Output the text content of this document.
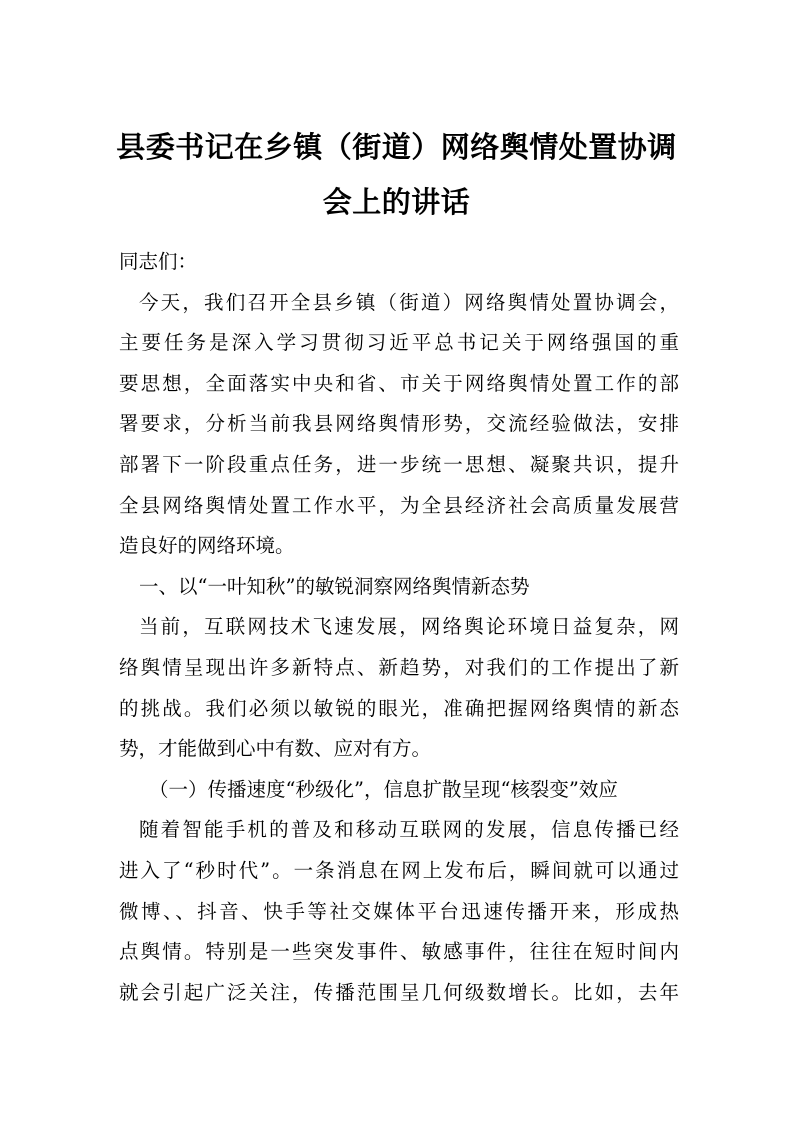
县委书记在乡镇（街道）网络舆情处置协调
会上的讲话
同志们：
今天，我们召开全县乡镇（街道）网络舆情处置协调会，
主要任务是深入学习贯彻习近平总书记关于网络强国的重
要思想，全面落实中央和省、市关于网络舆情处置工作的部
署要求，分析当前我县网络舆情形势，交流经验做法，安排
部署下一阶段重点任务，进一步统一思想、凝聚共识，提升
全县网络舆情处置工作水平，为全县经济社会高质量发展营
造良好的网络环境。
一、以“一叶知秋”的敏锐洞察网络舆情新态势
当前，互联网技术飞速发展，网络舆论环境日益复杂，网
络舆情呈现出许多新特点、新趋势，对我们的工作提出了新
的挑战。我们必须以敏锐的眼光，准确把握网络舆情的新态
势，才能做到心中有数、应对有方。
（一）传播速度“秒级化”，信息扩散呈现“核裂变”效应
随着智能手机的普及和移动互联网的发展，信息传播已经
进入了“秒时代”。一条消息在网上发布后，瞬间就可以通过
微博、、抖音、快手等社交媒体平台迅速传播开来，形成热
点舆情。特别是一些突发事件、敏感事件，往往在短时间内
就会引起广泛关注，传播范围呈几何级数增长。比如，去年
